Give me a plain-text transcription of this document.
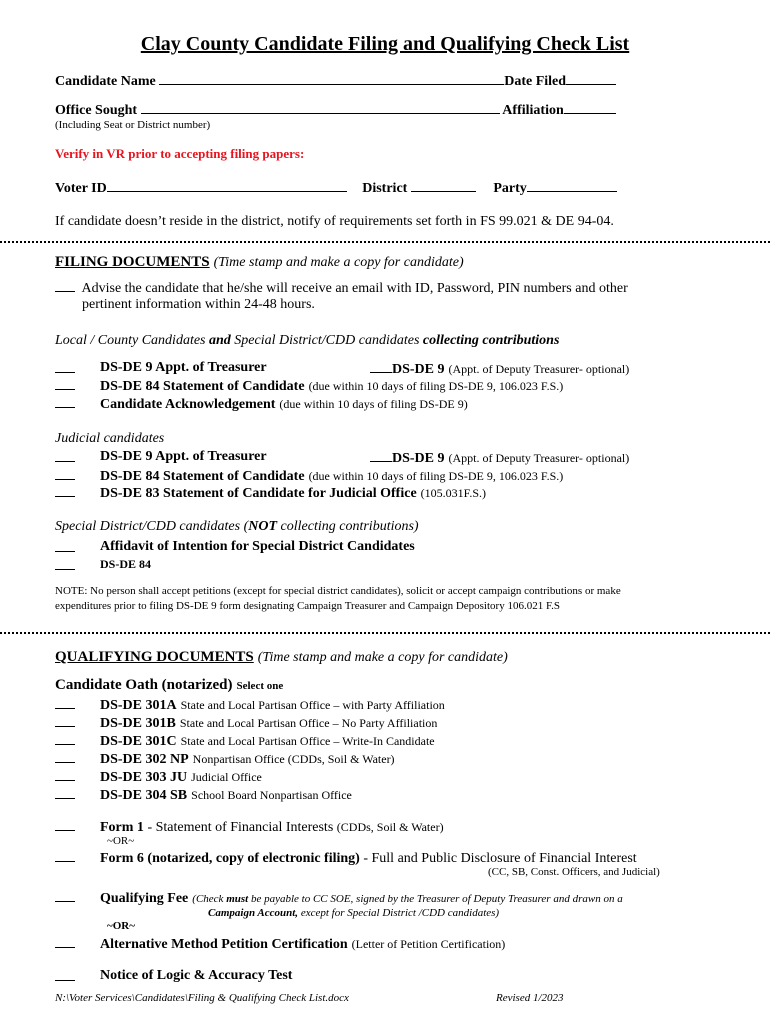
Clay County Candidate Filing and Qualifying Check List
Candidate Name	Date Filed
Office Sought	Affiliation
(Including Seat or District number)
Verify in VR prior to accepting filing papers:
Voter ID	District	Party
If candidate doesn’t reside in the district, notify of requirements set forth in FS 99.021 & DE 94-04.
FILING DOCUMENTS (Time stamp and make a copy for candidate)
Advise the candidate that he/she will receive an email with ID, Password, PIN numbers and other
pertinent information within 24-48 hours.
Local / County Candidates and Special District/CDD candidates collecting contributions
DS-DE 9 Appt. of Treasurer	DS-DE 9 (Appt. of Deputy Treasurer- optional)
DS-DE 84 Statement of Candidate (due within 10 days of filing DS-DE 9, 106.023 F.S.)
Candidate Acknowledgement (due within 10 days of filing DS-DE 9)
Judicial candidates
DS-DE 9 Appt. of Treasurer	DS-DE 9 (Appt. of Deputy Treasurer- optional)
DS-DE 84 Statement of Candidate (due within 10 days of filing DS-DE 9, 106.023 F.S.)
DS-DE 83 Statement of Candidate for Judicial Office (105.031F.S.)
Special District/CDD candidates (NOT collecting contributions)
Affidavit of Intention for Special District Candidates
DS-DE 84
NOTE: No person shall accept petitions (except for special district candidates), solicit or accept campaign contributions or make
expenditures prior to filing DS-DE 9 form designating Campaign Treasurer and Campaign Depository 106.021 F.S
QUALIFYING DOCUMENTS (Time stamp and make a copy for candidate)
Candidate Oath (notarized) Select one
DS-DE 301A State and Local Partisan Office – with Party Affiliation
DS-DE 301B State and Local Partisan Office – No Party Affiliation
DS-DE 301C State and Local Partisan Office – Write-In Candidate
DS-DE 302 NP Nonpartisan Office (CDDs, Soil & Water)
DS-DE 303 JU Judicial Office
DS-DE 304 SB School Board Nonpartisan Office
Form 1 - Statement of Financial Interests (CDDs, Soil & Water)
~OR~
Form 6 (notarized, copy of electronic filing) - Full and Public Disclosure of Financial Interest
(CC, SB, Const. Officers, and Judicial)
Qualifying Fee (Check must be payable to CC SOE, signed by the Treasurer of Deputy Treasurer and drawn on a
Campaign Account, except for Special District /CDD candidates)
~OR~
Alternative Method Petition Certification (Letter of Petition Certification)
Notice of Logic & Accuracy Test
N:\Voter Services\Candidates\Filing & Qualifying Check List.docx	Revised 1/2023
